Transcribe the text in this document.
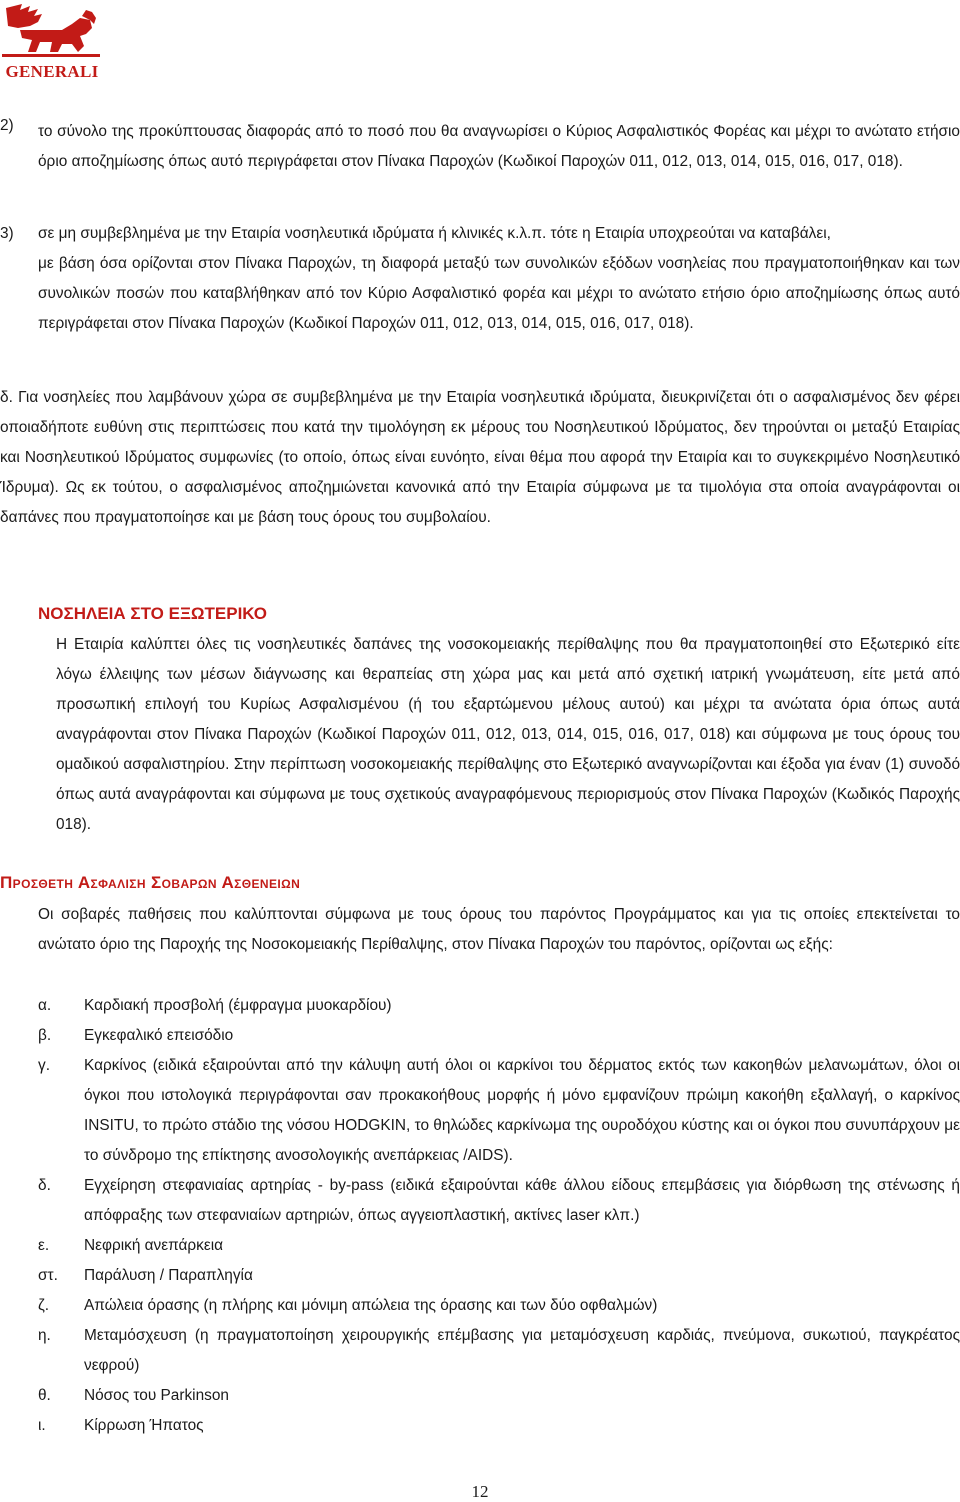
GENERALI
2) το σύνολο της προκύπτουσας διαφοράς από το ποσό που θα αναγνωρίσει ο Κύριος Ασφαλιστικός Φορέας και μέχρι το ανώτατο ετήσιο όριο αποζημίωσης όπως αυτό περιγράφεται στον Πίνακα Παροχών (Κωδικοί Παροχών 011, 012, 013, 014, 015, 016, 017, 018).

3)	σε μη συμβεβλημένα με την Εταιρία νοσηλευτικά ιδρύματα ή κλινικές κ.λ.π. τότε η Εταιρία υποχρεούται να καταβάλει,

με βάση όσα ορίζονται στον Πίνακα Παροχών, τη διαφορά μεταξύ των συνολικών εξόδων νοσηλείας που πραγματοποιήθηκαν και των συνολικών ποσών που καταβλήθηκαν από τον Κύριο Ασφαλιστικό φορέα και μέχρι το ανώτατο ετήσιο όριο αποζημίωσης όπως αυτό περιγράφεται στον Πίνακα Παροχών (Κωδικοί Παροχών 011, 012, 013, 014, 015, 016, 017, 018).

δ. Για νοσηλείες που λαμβάνουν χώρα σε συμβεβλημένα με την Εταιρία νοσηλευτικά ιδρύματα, διευκρινίζεται ότι ο ασφαλισμένος δεν φέρει οποιαδήποτε ευθύνη στις περιπτώσεις που κατά την τιμολόγηση εκ μέρους του Νοσηλευτικού Ιδρύματος, δεν τηρούνται οι μεταξύ Εταιρίας και Νοσηλευτικού Ιδρύματος συμφωνίες (το οποίο, όπως είναι ευνόητο, είναι θέμα που αφορά την Εταιρία και το συγκεκριμένο Νοσηλευτικό Ίδρυμα). Ως εκ τούτου, ο ασφαλισμένος αποζημιώνεται κανονικά από την Εταιρία σύμφωνα με τα τιμολόγια στα οποία αναγράφονται οι δαπάνες που πραγματοποίησε και με βάση τους όρους του συμβολαίου.

ΝΟΣΗΛΕΙΑ ΣΤΟ ΕΞΩΤΕΡΙΚΟ

Η Εταιρία καλύπτει όλες τις νοσηλευτικές δαπάνες της νοσοκομειακής περίθαλψης που θα πραγματοποιηθεί στο Εξωτερικό είτε λόγω έλλειψης των μέσων διάγνωσης και θεραπείας στη χώρα μας και μετά από σχετική ιατρική γνωμάτευση, είτε μετά από προσωπική επιλογή του Κυρίως Ασφαλισμένου (ή του εξαρτώμενου μέλους αυτού) και μέχρι τα ανώτατα όρια όπως αυτά αναγράφονται στον Πίνακα Παροχών (Κωδικοί Παροχών 011, 012, 013, 014, 015, 016, 017, 018) και σύμφωνα με τους όρους του ομαδικού ασφαλιστηρίου. Στην περίπτωση νοσοκομειακής περίθαλψης στο Εξωτερικό αναγνωρίζονται και έξοδα για έναν (1) συνοδό όπως αυτά αναγράφονται και σύμφωνα με τους σχετικούς αναγραφόμενους περιορισμούς στον Πίνακα Παροχών (Κωδικός Παροχής 018).

Προσθετη Ασφαλιση Σοβαρων Ασθενειων

Οι σοβαρές παθήσεις που καλύπτονται σύμφωνα με τους όρους του παρόντος Προγράμματος και για τις οποίες επεκτείνεται το ανώτατο όριο της Παροχής της Νοσοκομειακής Περίθαλψης, στον Πίνακα Παροχών του παρόντος, ορίζονται ως εξής:

α. Καρδιακή προσβολή (έμφραγμα μυοκαρδίου)
β. Εγκεφαλικό επεισόδιο
γ. Καρκίνος (ειδικά εξαιρούνται από την κάλυψη αυτή όλοι οι καρκίνοι του δέρματος εκτός των κακοηθών μελανωμάτων, όλοι οι όγκοι που ιστολογικά περιγράφονται σαν προκακοήθους μορφής ή μόνο εμφανίζουν πρώιμη κακοήθη εξαλλαγή, ο καρκίνος INSITU, το πρώτο στάδιο της νόσου HODGKIN, το θηλώδες καρκίνωμα της ουροδόχου κύστης και οι όγκοι που συνυπάρχουν με το σύνδρομο της επίκτησης ανοσολογικής ανεπάρκειας /AIDS).
δ. Εγχείρηση στεφανιαίας αρτηρίας - by-pass (ειδικά εξαιρούνται κάθε άλλου είδους επεμβάσεις για διόρθωση της στένωσης ή απόφραξης των στεφανιαίων αρτηριών, όπως αγγειοπλαστική, ακτίνες laser κλπ.)
ε. Νεφρική ανεπάρκεια
στ. Παράλυση / Παραπληγία
ζ. Απώλεια όρασης (η πλήρης και μόνιμη απώλεια της όρασης και των δύο οφθαλμών)
η. Μεταμόσχευση (η πραγματοποίηση χειρουργικής επέμβασης για μεταμόσχευση καρδιάς, πνεύμονα, συκωτιού, παγκρέατος νεφρού)
θ. Νόσος του Parkinson
ι. Κίρρωση Ήπατος
12
